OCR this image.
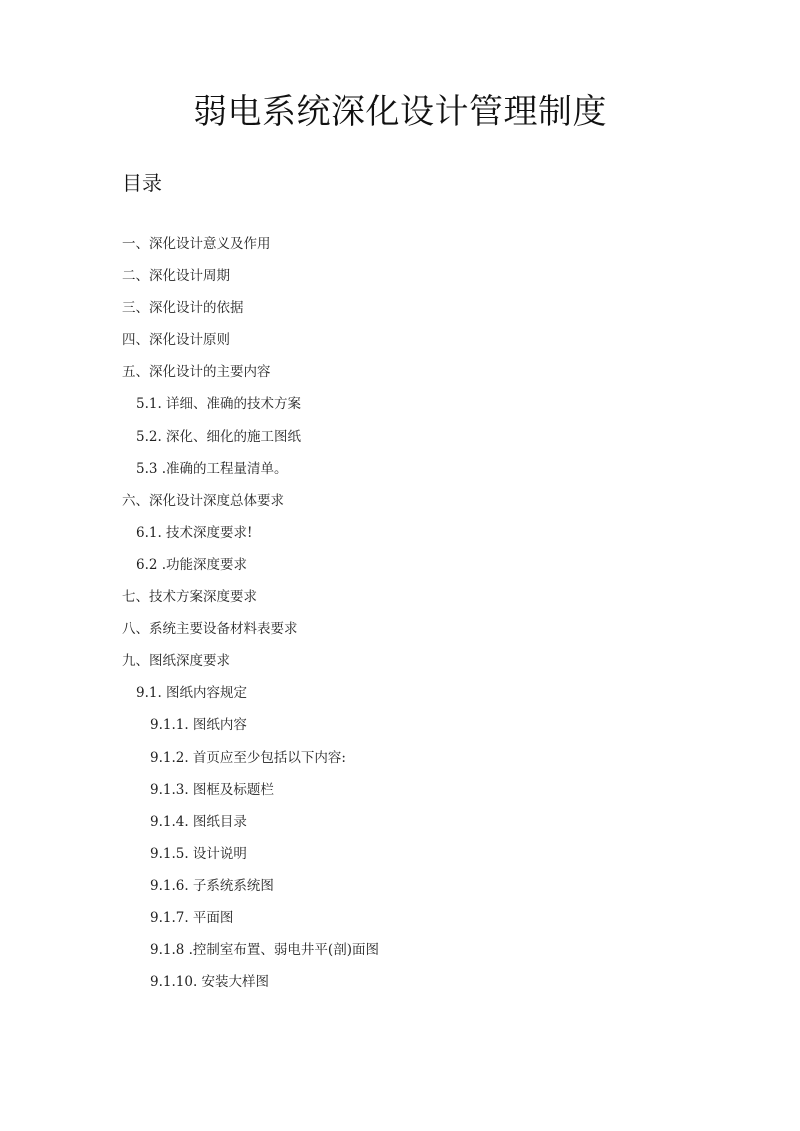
弱电系统深化设计管理制度
目录
一、深化设计意义及作用
二、深化设计周期
三、深化设计的依据
四、深化设计原则
五、深化设计的主要内容
5.1. 详细、准确的技术方案
5.2. 深化、细化的施工图纸
5.3 .准确的工程量清单。
六、深化设计深度总体要求
6.1. 技术深度要求!
6.2 .功能深度要求
七、技术方案深度要求
八、系统主要设备材料表要求
九、图纸深度要求
9.1. 图纸内容规定
9.1.1. 图纸内容
9.1.2. 首页应至少包括以下内容:
9.1.3. 图框及标题栏
9.1.4. 图纸目录
9.1.5. 设计说明
9.1.6. 子系统系统图
9.1.7. 平面图
9.1.8 .控制室布置、弱电井平(剖)面图
9.1.10. 安装大样图
